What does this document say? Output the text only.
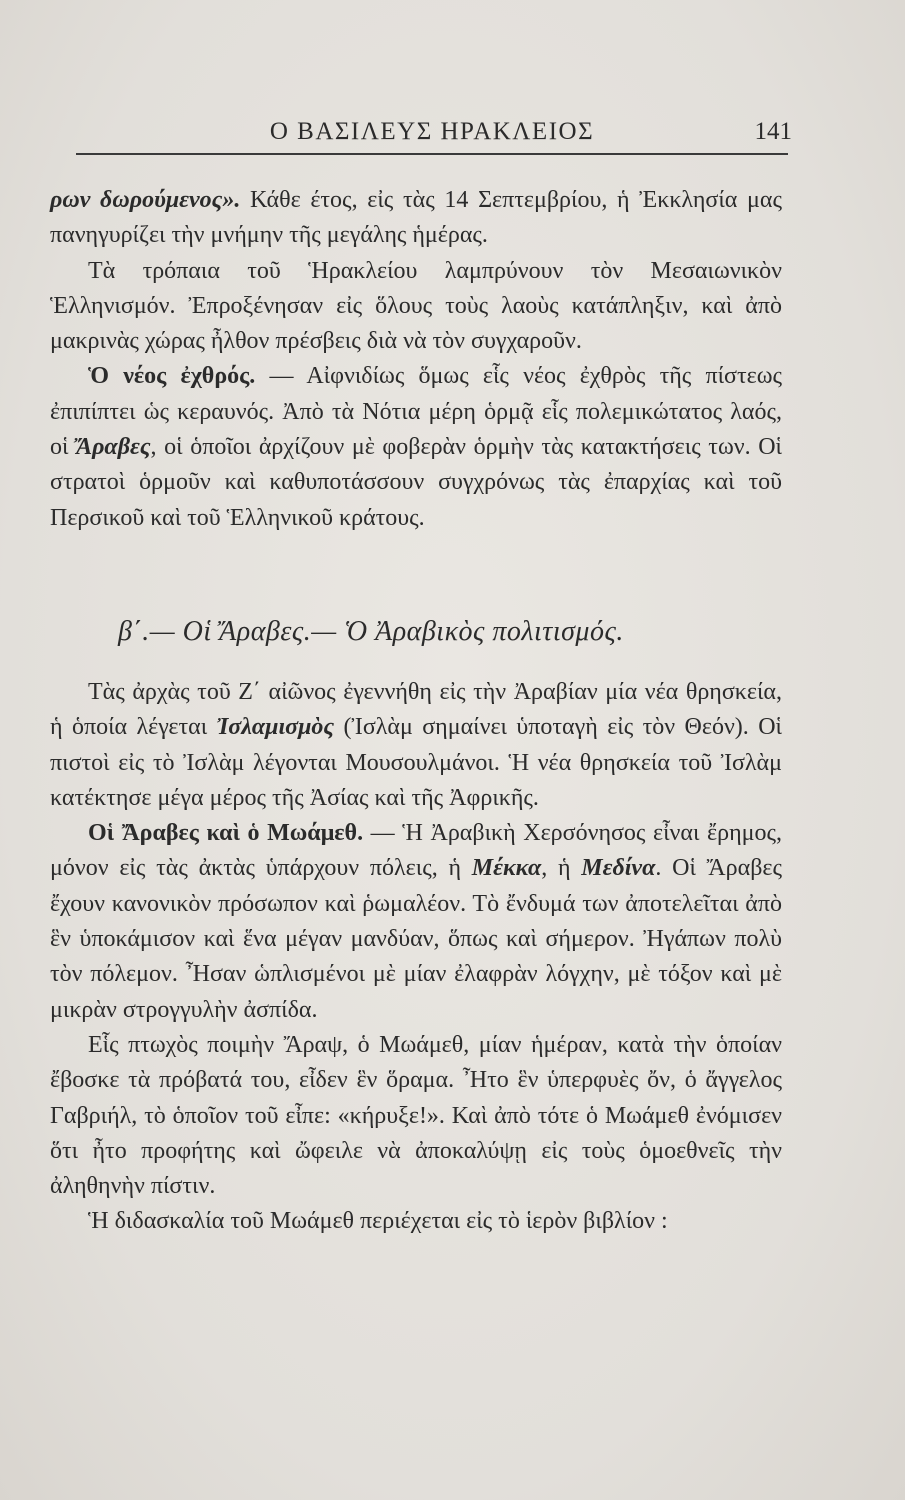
Ο ΒΑΣΙΛΕΥΣ ΗΡΑΚΛΕΙΟΣ	141

ρων δωρούμενος». Κάθε έτος, εἰς τὰς 14 Σεπτεμβρίου, ἡ Ἐκκλησία μας πανηγυρίζει τὴν μνήμην τῆς μεγάλης ἡμέρας.

Τὰ τρόπαια τοῦ Ἡρακλείου λαμπρύνουν τὸν Μεσαιωνικὸν Ἑλληνισμόν. Ἐπροξένησαν εἰς ὅλους τοὺς λαοὺς κατάπληξιν, καὶ ἀπὸ μακρινὰς χώρας ἦλθον πρέσβεις διὰ νὰ τὸν συγχαροῦν.

Ὁ νέος ἐχθρός. — Αἰφνιδίως ὅμως εἷς νέος ἐχθρὸς τῆς πίστεως ἐπιπίπτει ὡς κεραυνός. Ἀπὸ τὰ Νότια μέρη ὁρμᾷ εἷς πολεμικώτατος λαός, οἱ Ἄραβες, οἱ ὁποῖοι ἀρχίζουν μὲ φοβερὰν ὁρμὴν τὰς κατακτήσεις των. Οἱ στρατοὶ ὁρμοῦν καὶ καθυποτάσσουν συγχρόνως τὰς ἐπαρχίας καὶ τοῦ Περσικοῦ καὶ τοῦ Ἑλληνικοῦ κράτους.

β΄.— Οἱ Ἄραβες.— Ὁ Ἀραβικὸς πολιτισμός.

Τὰς ἀρχὰς τοῦ Ζ΄ αἰῶνος ἐγεννήθη εἰς τὴν Ἀραβίαν μία νέα θρησκεία, ἡ ὁποία λέγεται Ἰσλαμισμὸς (Ἰσλὰμ σημαίνει ὑποταγὴ εἰς τὸν Θεόν). Οἱ πιστοὶ εἰς τὸ Ἰσλὰμ λέγονται Μουσουλμάνοι. Ἡ νέα θρησκεία τοῦ Ἰσλὰμ κατέκτησε μέγα μέρος τῆς Ἀσίας καὶ τῆς Ἀφρικῆς.

Οἱ Ἄραβες καὶ ὁ Μωάμεθ. — Ἡ Ἀραβικὴ Χερσόνησος εἶναι ἔρημος, μόνον εἰς τὰς ἀκτὰς ὑπάρχουν πόλεις, ἡ Μέκκα, ἡ Μεδίνα. Οἱ Ἄραβες ἔχουν κανονικὸν πρόσωπον καὶ ῥωμαλέον. Τὸ ἔνδυμά των ἀποτελεῖται ἀπὸ ἓν ὑποκάμισον καὶ ἕνα μέγαν μανδύαν, ὅπως καὶ σήμερον. Ἠγάπων πολὺ τὸν πόλεμον. Ἦσαν ὡπλισμένοι μὲ μίαν ἐλαφρὰν λόγχην, μὲ τόξον καὶ μὲ μικρὰν στρογγυλὴν ἀσπίδα.

Εἷς πτωχὸς ποιμὴν Ἄραψ, ὁ Μωάμεθ, μίαν ἡμέραν, κατὰ τὴν ὁποίαν ἔβοσκε τὰ πρόβατά του, εἶδεν ἓν ὅραμα. Ἦτο ἓν ὑπερφυὲς ὄν, ὁ ἄγγελος Γαβριήλ, τὸ ὁποῖον τοῦ εἶπε: «κήρυξε!». Καὶ ἀπὸ τότε ὁ Μωάμεθ ἐνόμισεν ὅτι ἦτο προφήτης καὶ ὤφειλε νὰ ἀποκαλύψῃ εἰς τοὺς ὁμοεθνεῖς τὴν ἀληθηνὴν πίστιν.

Ἡ διδασκαλία τοῦ Μωάμεθ περιέχεται εἰς τὸ ἱερὸν βιβλίον :
